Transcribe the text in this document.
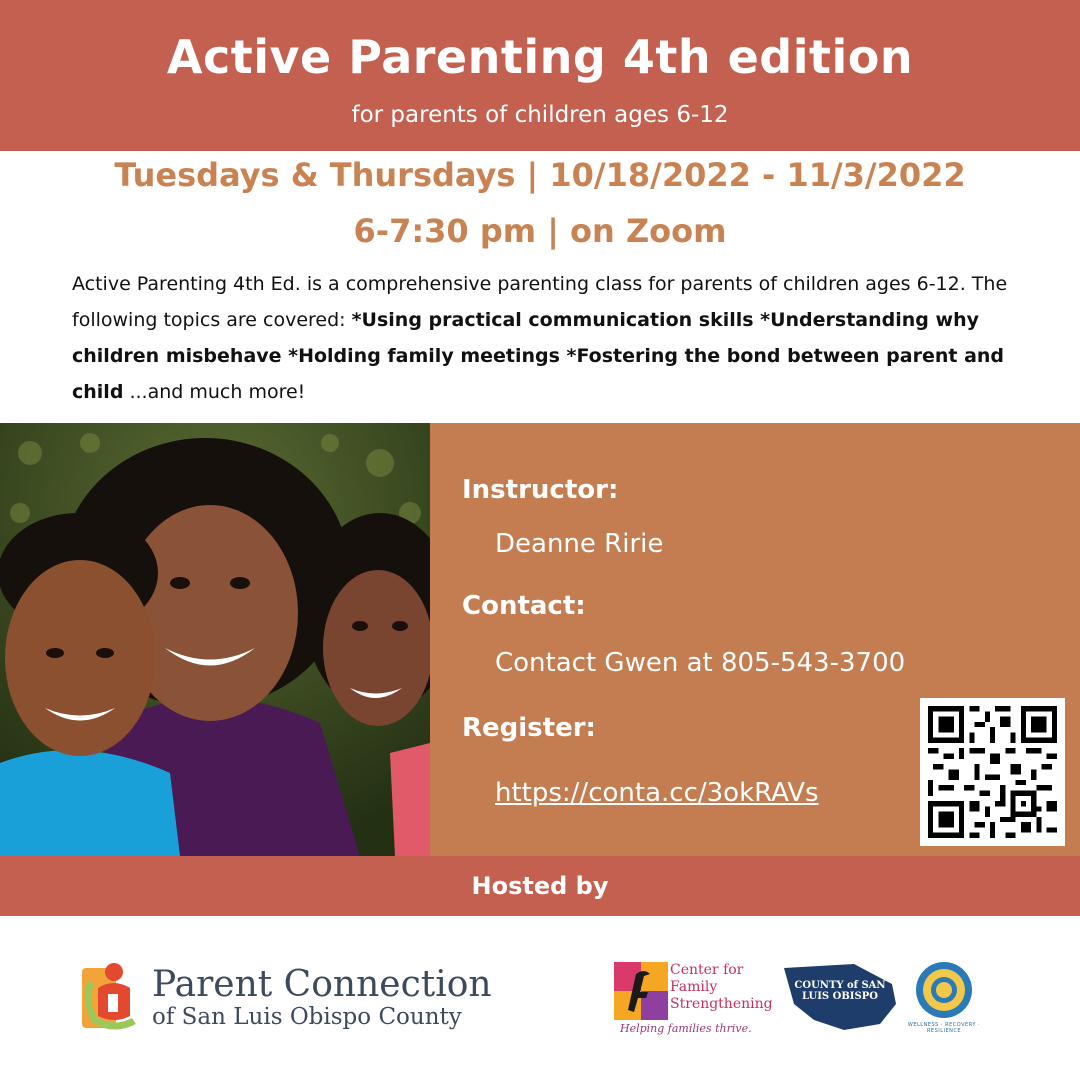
Active Parenting 4th edition
for parents of children ages 6-12
Tuesdays & Thursdays | 10/18/2022 - 11/3/2022
6-7:30 pm | on Zoom
Active Parenting 4th Ed. is a comprehensive parenting class for parents of children ages 6-12. The following topics are covered: *Using practical communication skills *Understanding why children misbehave *Holding family meetings *Fostering the bond between parent and child ...and much more!
Instructor:
Deanne Ririe
Contact:
Contact Gwen at 805-543-3700
Register:
https://conta.cc/3okRAVs
Hosted by
Parent Connection
of San Luis Obispo County
Center for Family Strengthening
Helping families thrive.
COUNTY of SAN LUIS OBISPO
WELLNESS · RECOVERY · RESILIENCE
